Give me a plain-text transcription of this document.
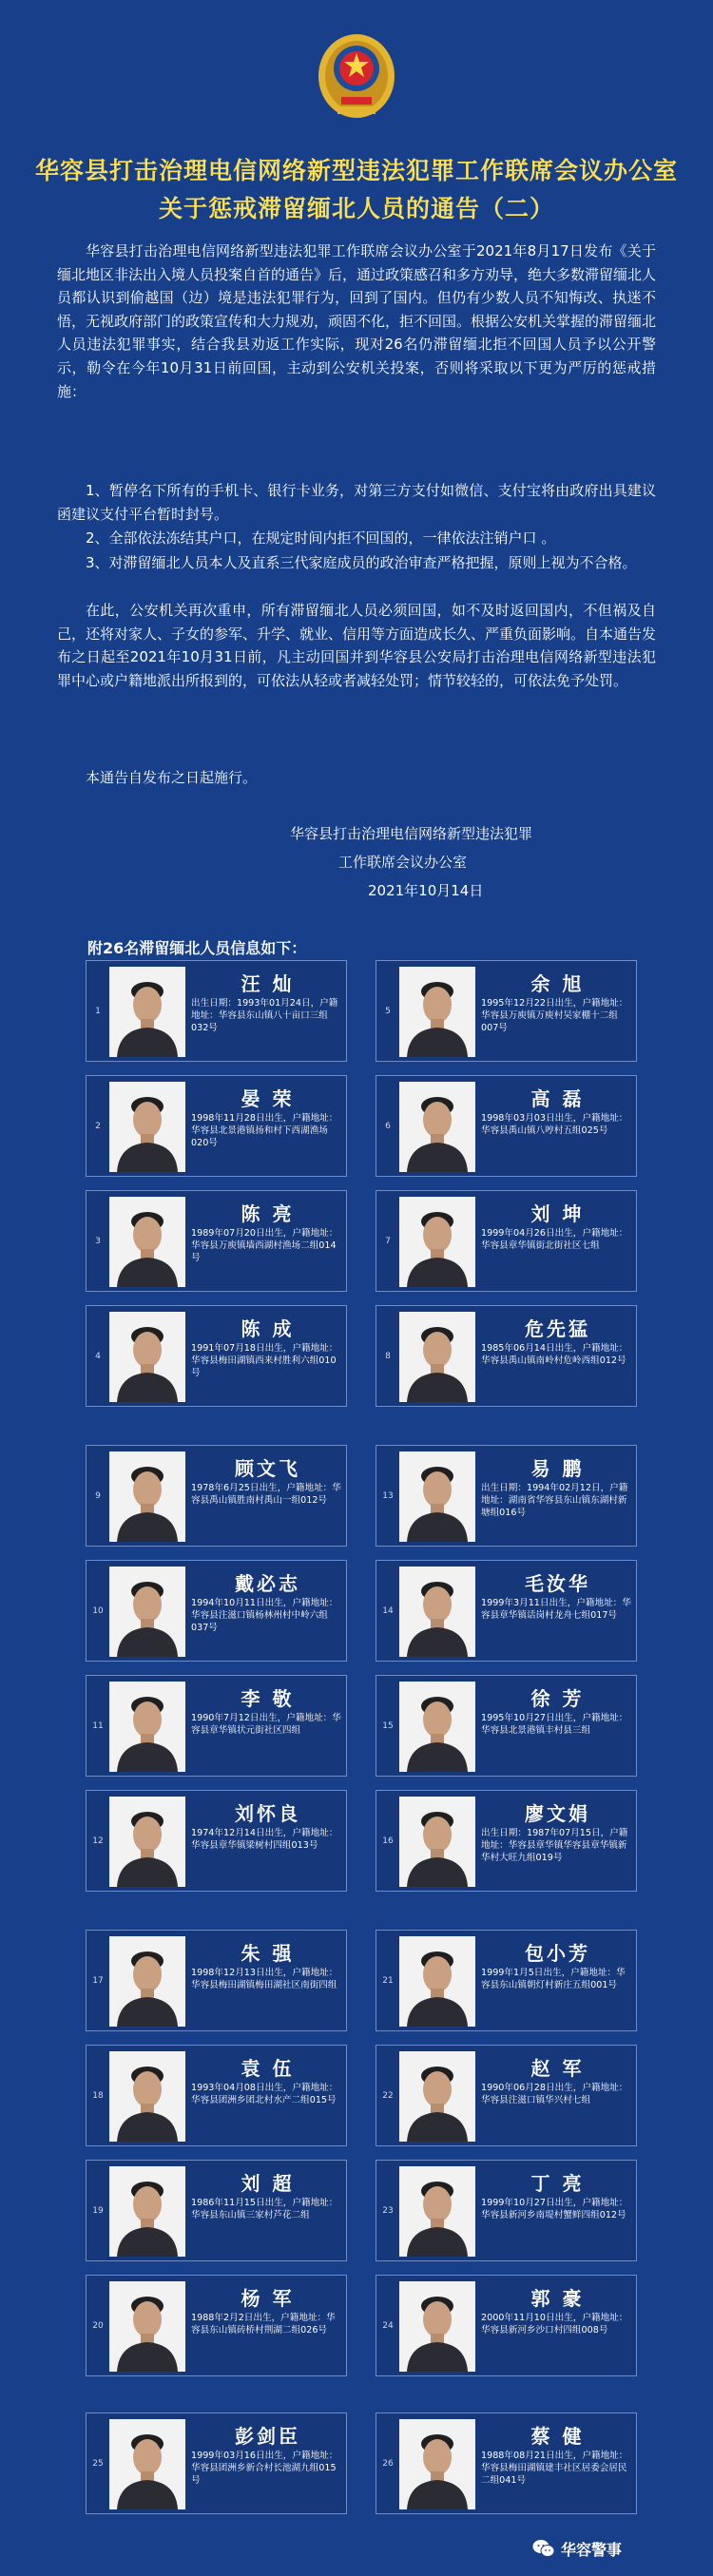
华容县打击治理电信网络新型违法犯罪工作联席会议办公室
关于惩戒滞留缅北人员的通告（二）
华容县打击治理电信网络新型违法犯罪工作联席会议办公室于2021年8月17日发布《关于缅北地区非法出入境人员投案自首的通告》后，通过政策感召和多方劝导，绝大多数滞留缅北人员都认识到偷越国（边）境是违法犯罪行为，回到了国内。但仍有少数人员不知悔改、执迷不悟，无视政府部门的政策宣传和大力规劝，顽固不化，拒不回国。根据公安机关掌握的滞留缅北人员违法犯罪事实，结合我县劝返工作实际，现对26名仍滞留缅北拒不回国人员予以公开警示，勒令在今年10月31日前回国，主动到公安机关投案，否则将采取以下更为严厉的惩戒措施：
1、暂停名下所有的手机卡、银行卡业务，对第三方支付如微信、支付宝将由政府出具建议函建议支付平台暂时封号。
2、全部依法冻结其户口，在规定时间内拒不回国的，一律依法注销户口 。
3、对滞留缅北人员本人及直系三代家庭成员的政治审查严格把握，原则上视为不合格。
在此，公安机关再次重申，所有滞留缅北人员必须回国，如不及时返回国内，不但祸及自己，还将对家人、子女的参军、升学、就业、信用等方面造成长久、严重负面影响。自本通告发布之日起至2021年10月31日前，凡主动回国并到华容县公安局打击治理电信网络新型违法犯罪中心或户籍地派出所报到的，可依法从轻或者减轻处罚；情节较轻的，可依法免予处罚。
本通告自发布之日起施行。
华容县打击治理电信网络新型违法犯罪
工作联席会议办公室
2021年10月14日
附26名滞留缅北人员信息如下：
1
汪 灿
出生日期：1993年01月24日，户籍地址：华容县东山镇八十亩口三组032号
2
晏 荣
1998年11月28日出生，户籍地址：华容县北景港镇扬和村下西湖渔场020号
3
陈 亮
1989年07月20日出生，户籍地址：华容县万庾镇墙西湖村渔场二组014号
4
陈 成
1991年07月18日出生，户籍地址：华容县梅田湖镇西来村胜利六组010号
5
余 旭
1995年12月22日出生，户籍地址：华容县万庾镇万庾村吴家棚十二组007号
6
高 磊
1998年03月03日出生，户籍地址：华容县禹山镇八哼村五组025号
7
刘 坤
1999年04月26日出生，户籍地址：华容县章华镇街北街社区七组
8
危先猛
1985年06月14日出生，户籍地址：华容县禹山镇南岭村危岭西组012号
9
顾文飞
1978年6月25日出生，户籍地址：华容县禹山镇胜南村禹山一组012号
10
戴必志
1994年10月11日出生，户籍地址：华容县注滋口镇杨林州村中岭六组037号
11
李 敬
1990年7月12日出生，户籍地址：华容县章华镇状元街社区四组
12
刘怀良
1974年12月14日出生，户籍地址：华容县章华镇梁树村四组013号
13
易 鹏
出生日期：1994年02月12日，户籍地址：湖南省华容县东山镇东湖村新塘组016号
14
毛汝华
1999年3月11日出生，户籍地址：华容县章华镇话岗村龙舟七组017号
15
徐 芳
1995年10月27日出生，户籍地址：华容县北景港镇丰村县三组
16
廖文娟
出生日期：1987年07月15日，户籍地址：华容县章华镇华容县章华镇新华村大旺九组019号
17
朱 强
1998年12月13日出生，户籍地址：华容县梅田湖镇梅田湖社区南街四组
18
袁 伍
1993年04月08日出生，户籍地址：华容县团洲乡团北村水产二组015号
19
刘 超
1986年11月15日出生，户籍地址：华容县东山镇三家村芦花二组
20
杨 军
1988年2月2日出生，户籍地址：华容县东山镇砖桥村荆湖二组026号
21
包小芳
1999年1月5日出生，户籍地址：华容县东山镇朝灯村新庄五组001号
22
赵 军
1990年06月28日出生，户籍地址：华容县注滋口镇华兴村七组
23
丁 亮
1999年10月27日出生，户籍地址：华容县新河乡南堤村蟹鲜四组012号
24
郭 豪
2000年11月10日出生，户籍地址：华容县新河乡沙口村四组008号
25
彭剑臣
1999年03月16日出生，户籍地址：华容县团洲乡新合村长池湖九组015号
26
蔡 健
1988年08月21日出生，户籍地址：华容县梅田湖镇建丰社区居委会居民二组041号
华容警事
